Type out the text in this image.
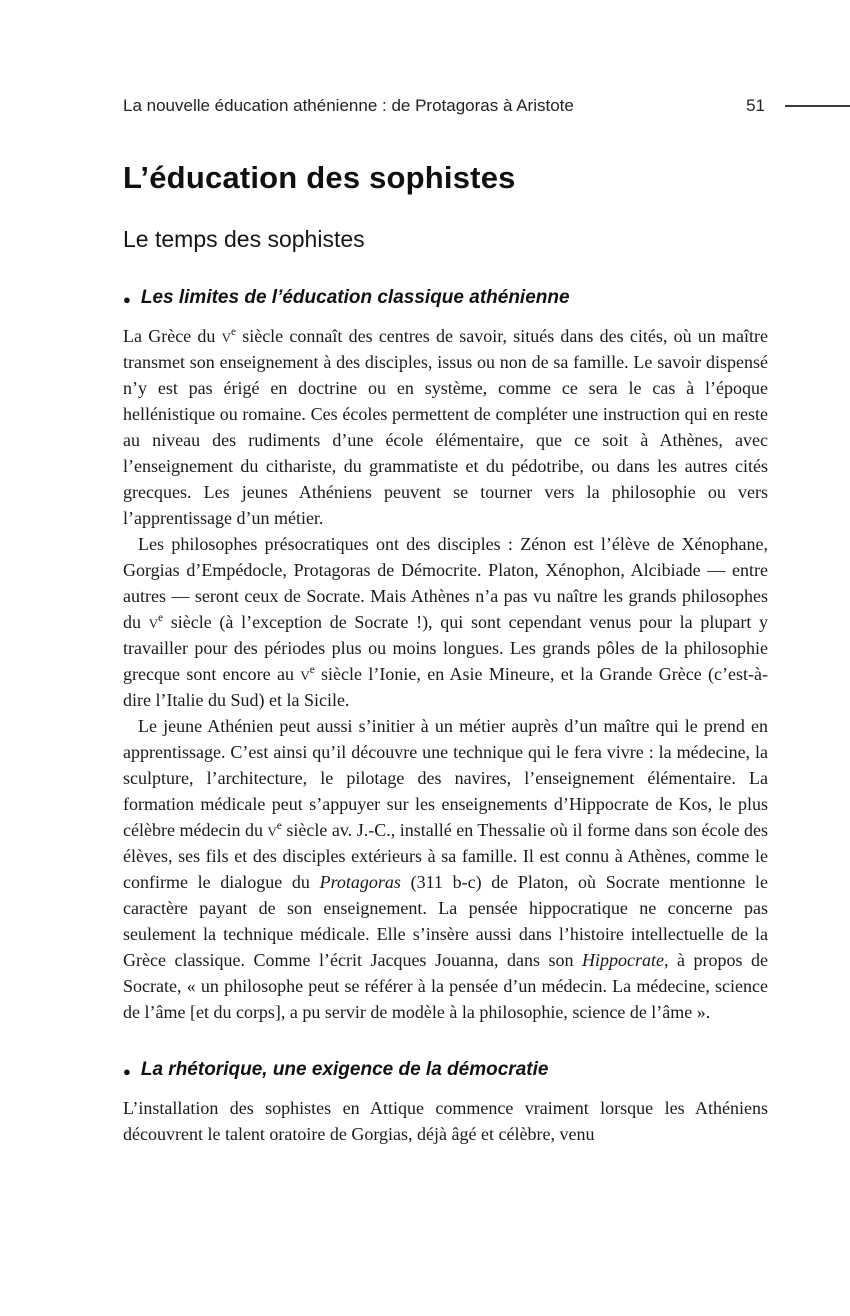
La nouvelle éducation athénienne : de Protagoras à Aristote	51
L’éducation des sophistes
Le temps des sophistes
● Les limites de l’éducation classique athénienne

La Grèce du $v^e$ siècle connaît des centres de savoir, situés dans des cités, où un maître transmet son enseignement à des disciples, issus ou non de sa famille. Le savoir dispensé n’y est pas érigé en doctrine ou en système, comme ce sera le cas à l’époque hellénistique ou romaine. Ces écoles permettent de compléter une instruction qui en reste au niveau des rudiments d’une école élémentaire, que ce soit à Athènes, avec l’enseignement du cithariste, du grammatiste et du pédotribe, ou dans les autres cités grecques. Les jeunes Athéniens peuvent se tourner vers la philosophie ou vers l’apprentissage d’un métier.

Les philosophes présocratiques ont des disciples : Zénon est l’élève de Xénophane, Gorgias d’Empédocle, Protagoras de Démocrite. Platon, Xénophon, Alcibiade — entre autres — seront ceux de Socrate. Mais Athènes n’a pas vu naître les grands philosophes du $v^e$ siècle (à l’exception de Socrate !), qui sont cependant venus pour la plupart y travailler pour des périodes plus ou moins longues. Les grands pôles de la philosophie grecque sont encore au $v^e$ siècle l’Ionie, en Asie Mineure, et la Grande Grèce (c’est-à-dire l’Italie du Sud) et la Sicile.

Le jeune Athénien peut aussi s’initier à un métier auprès d’un maître qui le prend en apprentissage. C’est ainsi qu’il découvre une technique qui le fera vivre : la médecine, la sculpture, l’architecture, le pilotage des navires, l’enseignement élémentaire. La formation médicale peut s’appuyer sur les enseignements d’Hippocrate de Kos, le plus célèbre médecin du $v^e$ siècle av. J.-C., installé en Thessalie où il forme dans son école des élèves, ses fils et des disciples extérieurs à sa famille. Il est connu à Athènes, comme le confirme le dialogue du Protagoras (311 b-c) de Platon, où Socrate mentionne le caractère payant de son enseignement. La pensée hippocratique ne concerne pas seulement la technique médicale. Elle s’insère aussi dans l’histoire intellectuelle de la Grèce classique. Comme l’écrit Jacques Jouanna, dans son Hippocrate, à propos de Socrate, « un philosophe peut se référer à la pensée d’un médecin. La médecine, science de l’âme [et du corps], a pu servir de modèle à la philosophie, science de l’âme ».

● La rhétorique, une exigence de la démocratie

L’installation des sophistes en Attique commence vraiment lorsque les Athéniens découvrent le talent oratoire de Gorgias, déjà âgé et célèbre, venu
